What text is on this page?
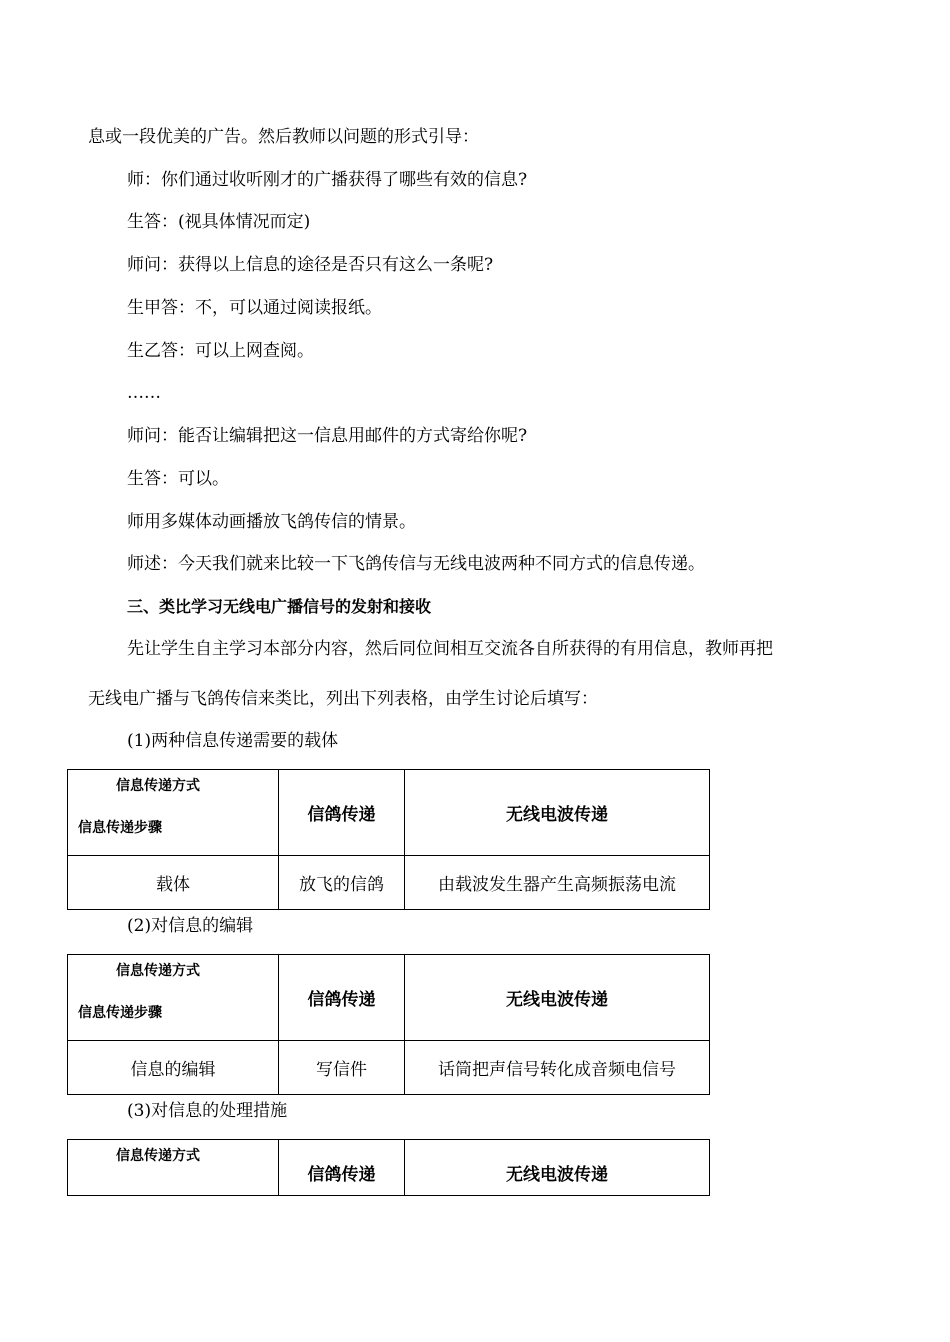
息或一段优美的广告。然后教师以问题的形式引导：
师：你们通过收听刚才的广播获得了哪些有效的信息?
生答：(视具体情况而定)
师问：获得以上信息的途径是否只有这么一条呢?
生甲答：不，可以通过阅读报纸。
生乙答：可以上网查阅。
……
师问：能否让编辑把这一信息用邮件的方式寄给你呢?
生答：可以。
师用多媒体动画播放飞鸽传信的情景。
师述：今天我们就来比较一下飞鸽传信与无线电波两种不同方式的信息传递。
三、类比学习无线电广播信号的发射和接收
先让学生自主学习本部分内容，然后同位间相互交流各自所获得的有用信息，教师再把
无线电广播与飞鸽传信来类比，列出下列表格，由学生讨论后填写：
(1)两种信息传递需要的载体
信息传递方式
信息传递步骤	信鸽传递	无线电波传递
载体	放飞的信鸽	由载波发生器产生高频振荡电流
(2)对信息的编辑
信息传递方式
信息传递步骤	信鸽传递	无线电波传递
信息的编辑	写信件	话筒把声信号转化成音频电信号
(3)对信息的处理措施
信息传递方式
	信鸽传递	无线电波传递
